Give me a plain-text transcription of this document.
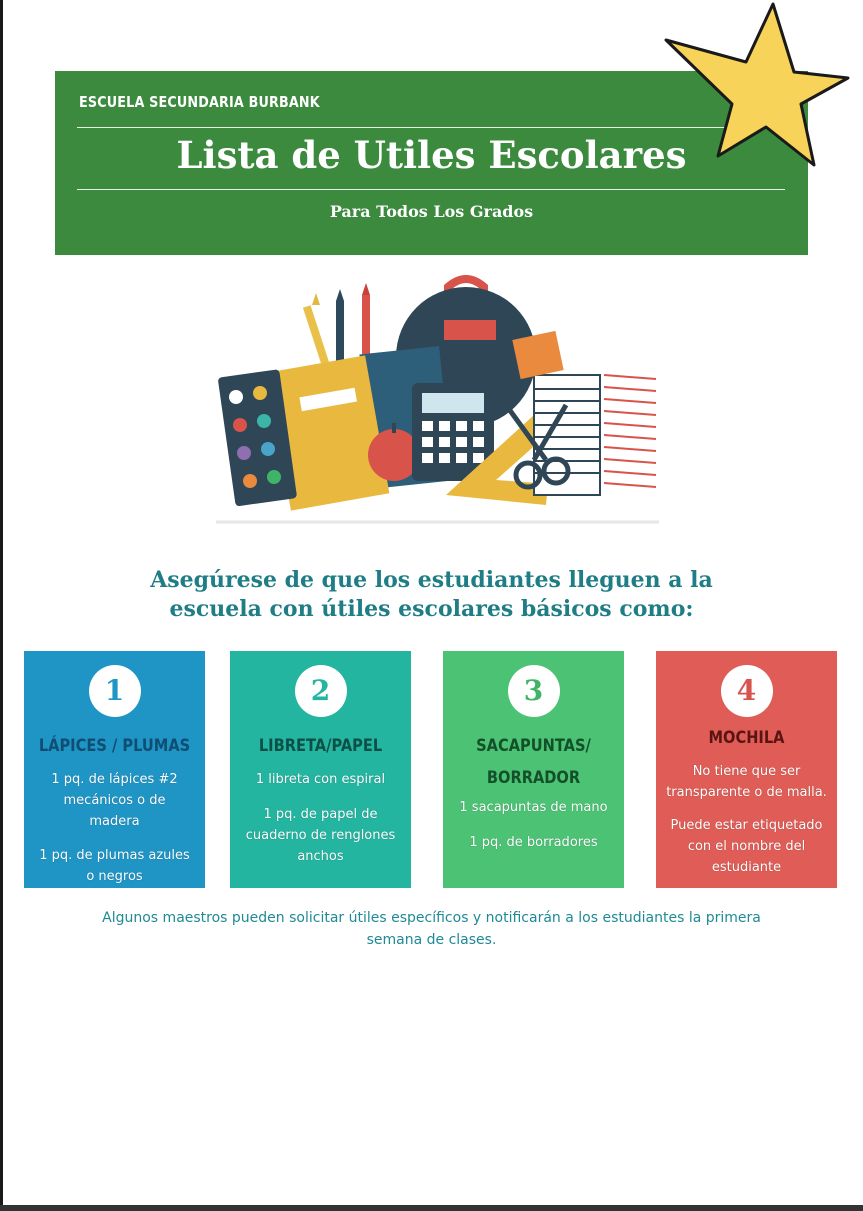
ESCUELA SECUNDARIA BURBANK
Lista de Utiles Escolares
Para Todos Los Grados
Asegúrese de que los estudiantes lleguen a la
escuela con útiles escolares básicos como:
1
LÁPICES / PLUMAS

1 pq. de lápices #2

mecánicos o de

madera

1 pq. de plumas azules

o negros

2
LIBRETA/PAPEL

1 libreta con espiral

1 pq. de papel de

cuaderno de renglones

anchos

3
SACAPUNTAS/
BORRADOR

1 sacapuntas de mano

1 pq. de borradores

4
MOCHILA

No tiene que ser

transparente o de malla.

Puede estar etiquetado

con el nombre del

estudiante

Algunos maestros pueden solicitar útiles específicos y notificarán a los estudiantes la primera
semana de clases.
